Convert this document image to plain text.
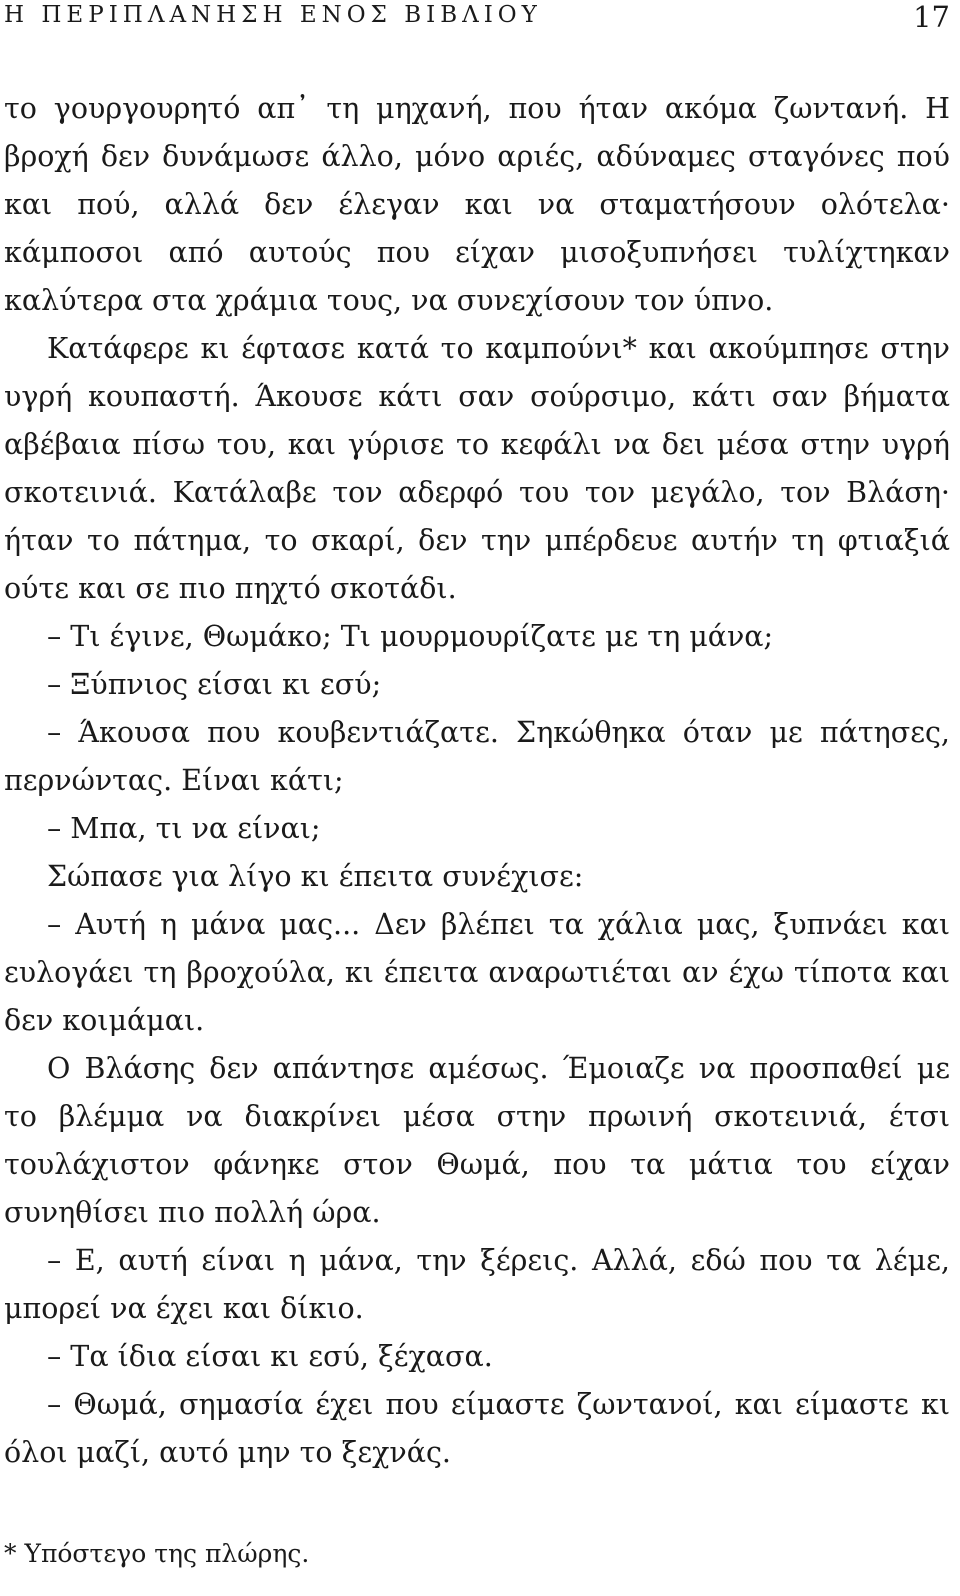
Η ΠΕΡΙΠΛΑΝΗΣΗ ΕΝΟΣ ΒΙΒΛΙΟΥ	17

το γουργουρητό απ᾽ τη μηχανή, που ήταν ακόμα ζωντανή. Η βροχή δεν δυνάμωσε άλλο, μόνο αριές, αδύναμες σταγόνες πού και πού, αλλά δεν έλεγαν και να σταματήσουν ολότελα· κάμποσοι από αυτούς που είχαν μισοξυπνήσει τυλίχτηκαν καλύτερα στα χράμια τους, να συνεχίσουν τον ύπνο.

Κατάφερε κι έφτασε κατά το καμπούνι* και ακούμπησε στην υγρή κουπαστή. Άκουσε κάτι σαν σούρσιμο, κάτι σαν βήματα αβέβαια πίσω του, και γύρισε το κεφάλι να δει μέσα στην υγρή σκοτεινιά. Κατάλαβε τον αδερφό του τον μεγάλο, τον Βλάση· ήταν το πάτημα, το σκαρί, δεν την μπέρδευε αυτήν τη φτιαξιά ούτε και σε πιο πηχτό σκοτάδι.

– Τι έγινε, Θωμάκο; Τι μουρμουρίζατε με τη μάνα;

– Ξύπνιος είσαι κι εσύ;

– Άκουσα που κουβεντιάζατε. Σηκώθηκα όταν με πάτησες, περνώντας. Είναι κάτι;

– Μπα, τι να είναι;

Σώπασε για λίγο κι έπειτα συνέχισε:

– Αυτή η μάνα μας... Δεν βλέπει τα χάλια μας, ξυπνάει και ευλογάει τη βροχούλα, κι έπειτα αναρωτιέται αν έχω τίποτα και δεν κοιμάμαι.

Ο Βλάσης δεν απάντησε αμέσως. Έμοιαζε να προσπαθεί με το βλέμμα να διακρίνει μέσα στην πρωινή σκοτεινιά, έτσι τουλάχιστον φάνηκε στον Θωμά, που τα μάτια του είχαν συνηθίσει πιο πολλή ώρα.

– Ε, αυτή είναι η μάνα, την ξέρεις. Αλλά, εδώ που τα λέμε, μπορεί να έχει και δίκιο.

– Τα ίδια είσαι κι εσύ, ξέχασα.

– Θωμά, σημασία έχει που είμαστε ζωντανοί, και είμαστε κι όλοι μαζί, αυτό μην το ξεχνάς.

* Υπόστεγο της πλώρης.
